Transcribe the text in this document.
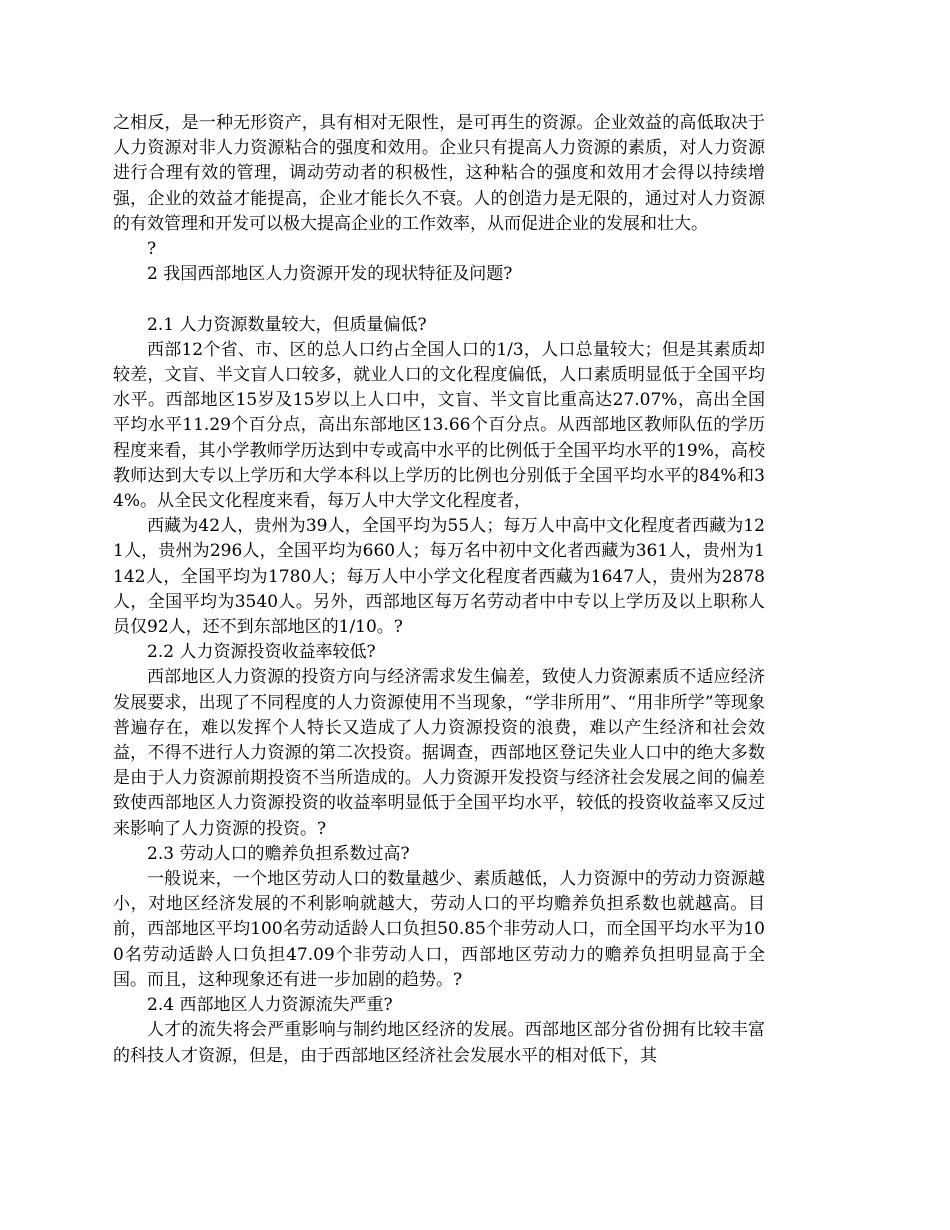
之相反，是一种无形资产，具有相对无限性，是可再生的资源。企业效益的高低取决于人力资源对非人力资源粘合的强度和效用。企业只有提高人力资源的素质，对人力资源进行合理有效的管理，调动劳动者的积极性，这种粘合的强度和效用才会得以持续增强，企业的效益才能提高，企业才能长久不衰。人的创造力是无限的，通过对人力资源的有效管理和开发可以极大提高企业的工作效率，从而促进企业的发展和壮大。

?

2 我国西部地区人力资源开发的现状特征及问题?

2.1 人力资源数量较大，但质量偏低?

西部12个省、市、区的总人口约占全国人口的1/3，人口总量较大；但是其素质却较差，文盲、半文盲人口较多，就业人口的文化程度偏低，人口素质明显低于全国平均水平。西部地区15岁及15岁以上人口中，文盲、半文盲比重高达27.07%，高出全国平均水平11.29个百分点，高出东部地区13.66个百分点。从西部地区教师队伍的学历程度来看，其小学教师学历达到中专或高中水平的比例低于全国平均水平的19%，高校教师达到大专以上学历和大学本科以上学历的比例也分别低于全国平均水平的84%和34%。从全民文化程度来看，每万人中大学文化程度者，

西藏为42人，贵州为39人，全国平均为55人；每万人中高中文化程度者西藏为121人，贵州为296人，全国平均为660人；每万名中初中文化者西藏为361人，贵州为1142人，全国平均为1780人；每万人中小学文化程度者西藏为1647人，贵州为2878人，全国平均为3540人。另外，西部地区每万名劳动者中中专以上学历及以上职称人员仅92人，还不到东部地区的1/10。?

2.2 人力资源投资收益率较低?

西部地区人力资源的投资方向与经济需求发生偏差，致使人力资源素质不适应经济发展要求，出现了不同程度的人力资源使用不当现象，“学非所用”、“用非所学”等现象普遍存在，难以发挥个人特长又造成了人力资源投资的浪费，难以产生经济和社会效益，不得不进行人力资源的第二次投资。据调查，西部地区登记失业人口中的绝大多数是由于人力资源前期投资不当所造成的。人力资源开发投资与经济社会发展之间的偏差致使西部地区人力资源投资的收益率明显低于全国平均水平，较低的投资收益率又反过来影响了人力资源的投资。?

2.3 劳动人口的赡养负担系数过高?

一般说来，一个地区劳动人口的数量越少、素质越低，人力资源中的劳动力资源越小，对地区经济发展的不利影响就越大，劳动人口的平均赡养负担系数也就越高。目前，西部地区平均100名劳动适龄人口负担50.85个非劳动人口，而全国平均水平为100名劳动适龄人口负担47.09个非劳动人口，西部地区劳动力的赡养负担明显高于全国。而且，这种现象还有进一步加剧的趋势。?

2.4 西部地区人力资源流失严重?

人才的流失将会严重影响与制约地区经济的发展。西部地区部分省份拥有比较丰富的科技人才资源，但是，由于西部地区经济社会发展水平的相对低下，其
